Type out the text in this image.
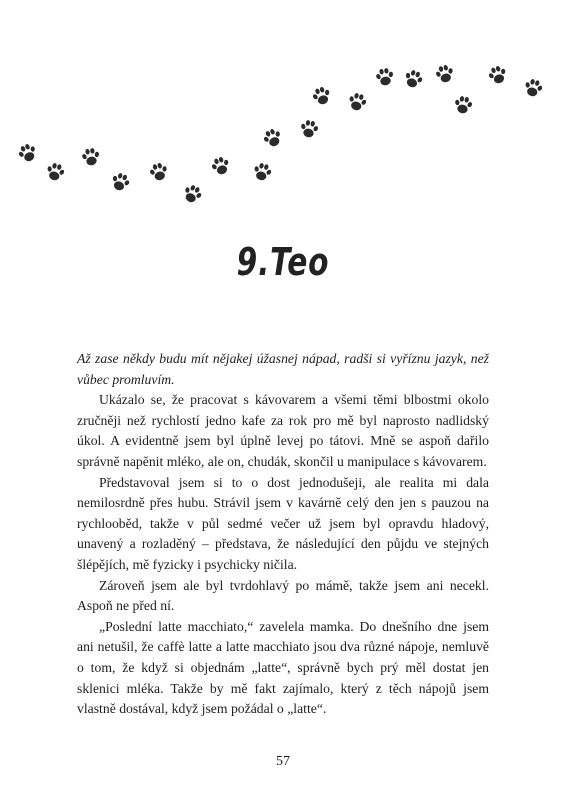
9.Teo

Až zase někdy budu mít nějakej úžasnej nápad, radši si vyříznu jazyk, než vůbec promluvím.

Ukázalo se, že pracovat s kávovarem a všemi těmi blbostmi okolo zručněji než rychlostí jedno kafe za rok pro mě byl naprosto nadlidský úkol. A evidentně jsem byl úplně levej po tátovi. Mně se aspoň dařilo správně napěnit mléko, ale on, chudák, skončil u manipulace s kávovarem.

Představoval jsem si to o dost jednodušeji, ale realita mi dala nemilosrdně přes hubu. Strávil jsem v kavárně celý den jen s pauzou na rychlooběd, takže v půl sedmé večer už jsem byl opravdu hladový, unavený a rozladěný – představa, že následující den půjdu ve stejných šlépějích, mě fyzicky i psychicky ničila.

Zároveň jsem ale byl tvrdohlavý po mámě, takže jsem ani necekl. Aspoň ne před ní.

„Poslední latte macchiato,“ zavelela mamka. Do dnešního dne jsem ani netušil, že caffè latte a latte macchiato jsou dva různé nápoje, nemluvě o tom, že když si objednám „latte“, správně bych prý měl dostat jen sklenici mléka. Takže by mě fakt zajímalo, který z těch nápojů jsem vlastně dostával, když jsem požádal o „latte“.

57
